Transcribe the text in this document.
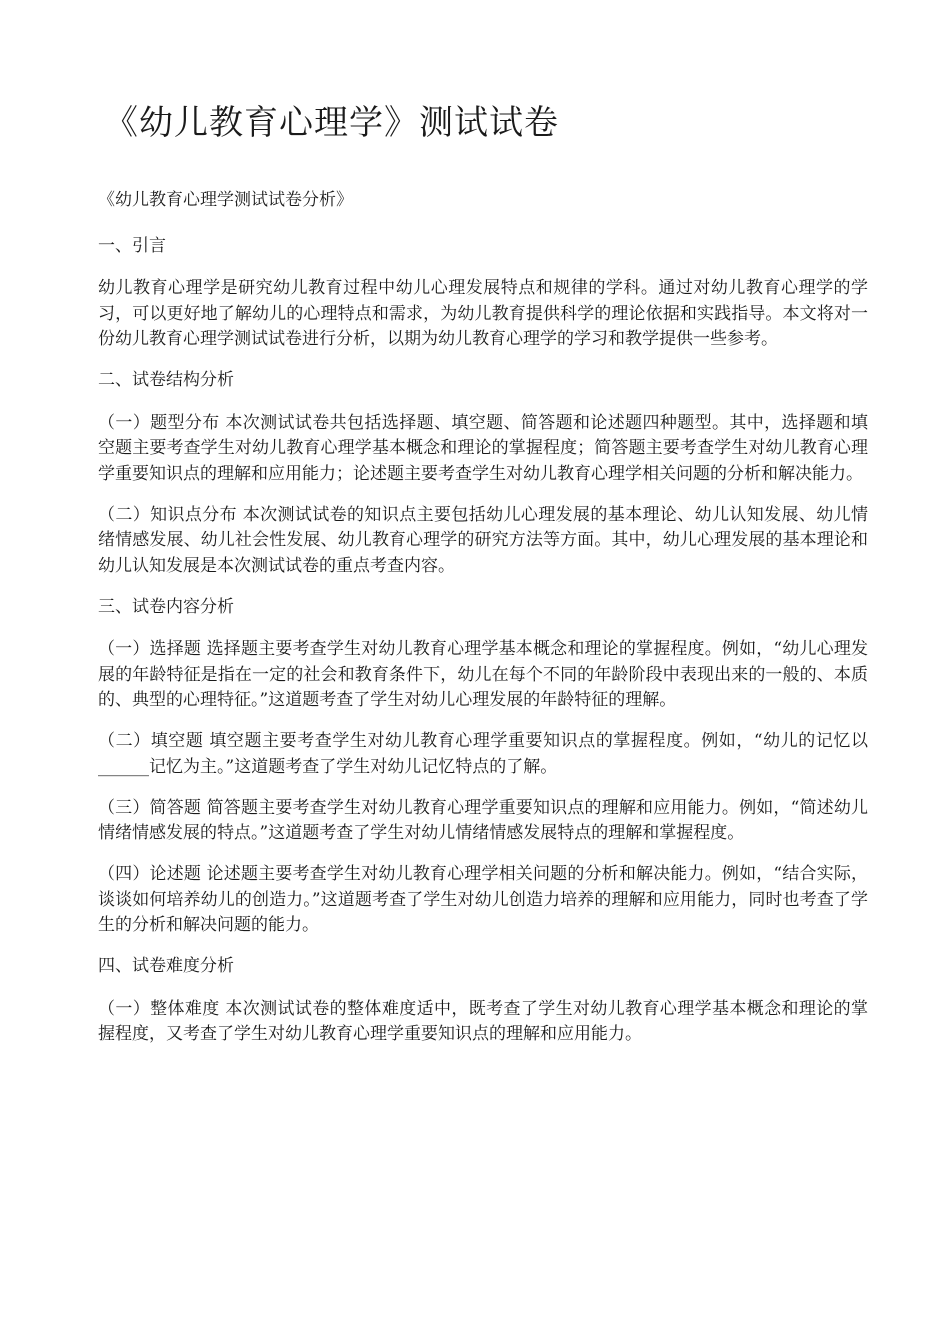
《幼儿教育心理学》测试试卷

《幼儿教育心理学测试试卷分析》

一、引言

幼儿教育心理学是研究幼儿教育过程中幼儿心理发展特点和规律的学科。通过对幼儿教育心理学的学习，可以更好地了解幼儿的心理特点和需求，为幼儿教育提供科学的理论依据和实践指导。本文将对一份幼儿教育心理学测试试卷进行分析，以期为幼儿教育心理学的学习和教学提供一些参考。

二、试卷结构分析

（一）题型分布 本次测试试卷共包括选择题、填空题、简答题和论述题四种题型。其中，选择题和填空题主要考查学生对幼儿教育心理学基本概念和理论的掌握程度；简答题主要考查学生对幼儿教育心理学重要知识点的理解和应用能力；论述题主要考查学生对幼儿教育心理学相关问题的分析和解决能力。

（二）知识点分布 本次测试试卷的知识点主要包括幼儿心理发展的基本理论、幼儿认知发展、幼儿情绪情感发展、幼儿社会性发展、幼儿教育心理学的研究方法等方面。其中，幼儿心理发展的基本理论和幼儿认知发展是本次测试试卷的重点考查内容。

三、试卷内容分析

（一）选择题 选择题主要考查学生对幼儿教育心理学基本概念和理论的掌握程度。例如，“幼儿心理发展的年龄特征是指在一定的社会和教育条件下，幼儿在每个不同的年龄阶段中表现出来的一般的、本质的、典型的心理特征。”这道题考查了学生对幼儿心理发展的年龄特征的理解。

（二）填空题 填空题主要考查学生对幼儿教育心理学重要知识点的掌握程度。例如，“幼儿的记忆以______记忆为主。”这道题考查了学生对幼儿记忆特点的了解。

（三）简答题 简答题主要考查学生对幼儿教育心理学重要知识点的理解和应用能力。例如，“简述幼儿情绪情感发展的特点。”这道题考查了学生对幼儿情绪情感发展特点的理解和掌握程度。

（四）论述题 论述题主要考查学生对幼儿教育心理学相关问题的分析和解决能力。例如，“结合实际，谈谈如何培养幼儿的创造力。”这道题考查了学生对幼儿创造力培养的理解和应用能力，同时也考查了学生的分析和解决问题的能力。

四、试卷难度分析

（一）整体难度 本次测试试卷的整体难度适中，既考查了学生对幼儿教育心理学基本概念和理论的掌握程度，又考查了学生对幼儿教育心理学重要知识点的理解和应用能力。
